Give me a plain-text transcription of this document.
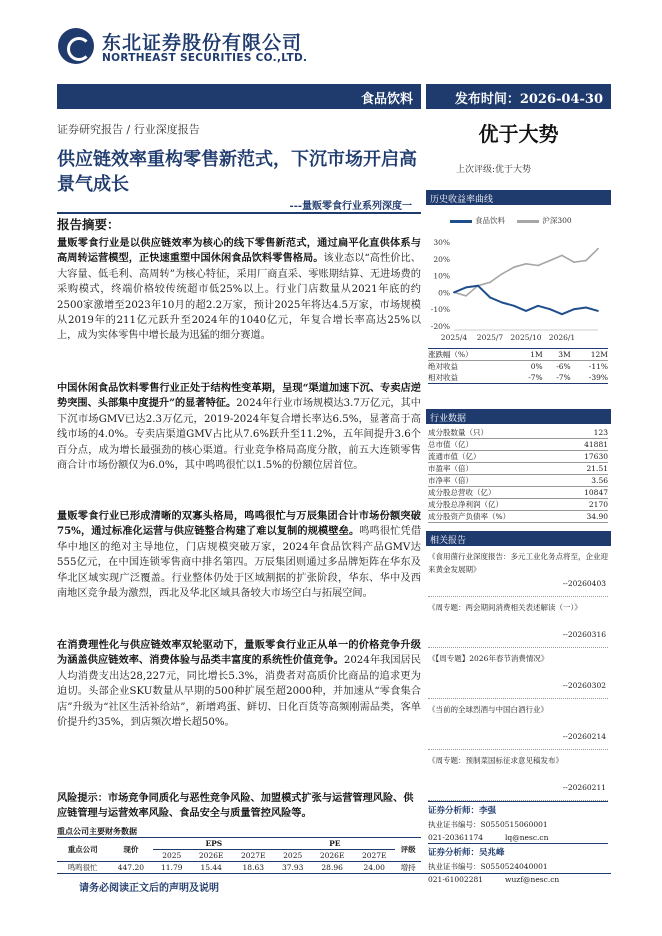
东北证券股份有限公司
NORTHEAST SECURITIES CO.,LTD.
食品饮料	发布时间：2026-04-30
证券研究报告 / 行业深度报告	优于大势
上次评级:优于大势
供应链效率重构零售新范式，下沉市场开启高景气成长
---量贩零食行业系列深度一
报告摘要：
量贩零食行业是以供应链效率为核心的线下零售新范式，通过扁平化直供体系与高周转运营模型，正快速重塑中国休闲食品饮料零售格局。该业态以“高性价比、大容量、低毛利、高周转”为核心特征，采用厂商直采、零账期结算、无进场费的采购模式，终端价格较传统超市低25%以上。行业门店数量从2021年底的约2500家激增至2023年10月的超2.2万家，预计2025年将达4.5万家，市场规模从2019年的211亿元跃升至2024年的1040亿元，年复合增长率高达25%以上，成为实体零售中增长最为迅猛的细分赛道。
中国休闲食品饮料零售行业正处于结构性变革期，呈现“渠道加速下沉、专卖店逆势突围、头部集中度提升”的显著特征。2024年行业市场规模达3.7万亿元，其中下沉市场GMV已达2.3万亿元，2019-2024年复合增长率达6.5%，显著高于高线市场的4.0%。专卖店渠道GMV占比从7.6%跃升至11.2%，五年间提升3.6个百分点，成为增长最强劲的核心渠道。行业竞争格局高度分散，前五大连锁零售商合计市场份额仅为6.0%，其中鸣鸣很忙以1.5%的份额位居首位。
量贩零食行业已形成清晰的双寡头格局，鸣鸣很忙与万辰集团合计市场份额突破75%，通过标准化运营与供应链整合构建了难以复制的规模壁垒。鸣鸣很忙凭借华中地区的绝对主导地位，门店规模突破万家，2024年食品饮料产品GMV达555亿元，在中国连锁零售商中排名第四。万辰集团则通过多品牌矩阵在华东及华北区域实现广泛覆盖。行业整体仍处于区域割据的扩张阶段，华东、华中及西南地区竞争最为激烈，西北及华北区域具备较大市场空白与拓展空间。
在消费理性化与供应链效率双轮驱动下，量贩零食行业正从单一的价格竞争升级为涵盖供应链效率、消费体验与品类丰富度的系统性价值竞争。2024年我国居民人均消费支出达28,227元，同比增长5.3%，消费者对高质价比商品的追求更为迫切。头部企业SKU数量从早期的500种扩展至超2000种，并加速从“零食集合店”升级为“社区生活补给站”，新增鸡蛋、鲜切、日化百货等高频刚需品类，客单价提升约35%，到店频次增长超50%。
风险提示：市场竞争同质化与恶性竞争风险、加盟模式扩张与运营管理风险、供应链管理与运营效率风险、食品安全与质量管控风险等。
重点公司主要财务数据
重点公司	现价	EPS			PE			评级
		2025	2026E	2027E	2025	2026E	2027E	
鸣鸣很忙	447.20	11.79	15.44	18.63	37.93	28.96	24.00	增持
请务必阅读正文后的声明及说明
历史收益率曲线
食品饮料	沪深300
30%
20%
10%
0%
-10%
-20%
2025/4 2025/7 2025/10 2026/1
涨跌幅（%）	1M	3M	12M
绝对收益	0%	-6%	-11%
相对收益	-7%	-7%	-39%
行业数据
成分股数量（只）	123
总市值（亿）	41881
流通市值（亿）	17630
市盈率（倍）	21.51
市净率（倍）	3.56
成分股总营收（亿）	10847
成分股总净利润（亿）	2170
成分股资产负债率（%）	34.90
相关报告
《食用菌行业深度报告：多元工业化务点将至，企业迎来黄金发展期》
--20260403
《周专题：两会期间消费相关表述解读（一）》
--20260316
《【周专题】2026年春节消费情况》
--20260302
《当前的全球烈酒与中国白酒行业》
--20260214
《周专题：预制菜国标征求意见稿发布》
--20260211
证券分析师：李强
执业证书编号：S0550515060001
021-20361174	lq@nesc.cn
证券分析师：吴兆峰
执业证书编号：S0550524040001
021-61002281	wuzf@nesc.cn
